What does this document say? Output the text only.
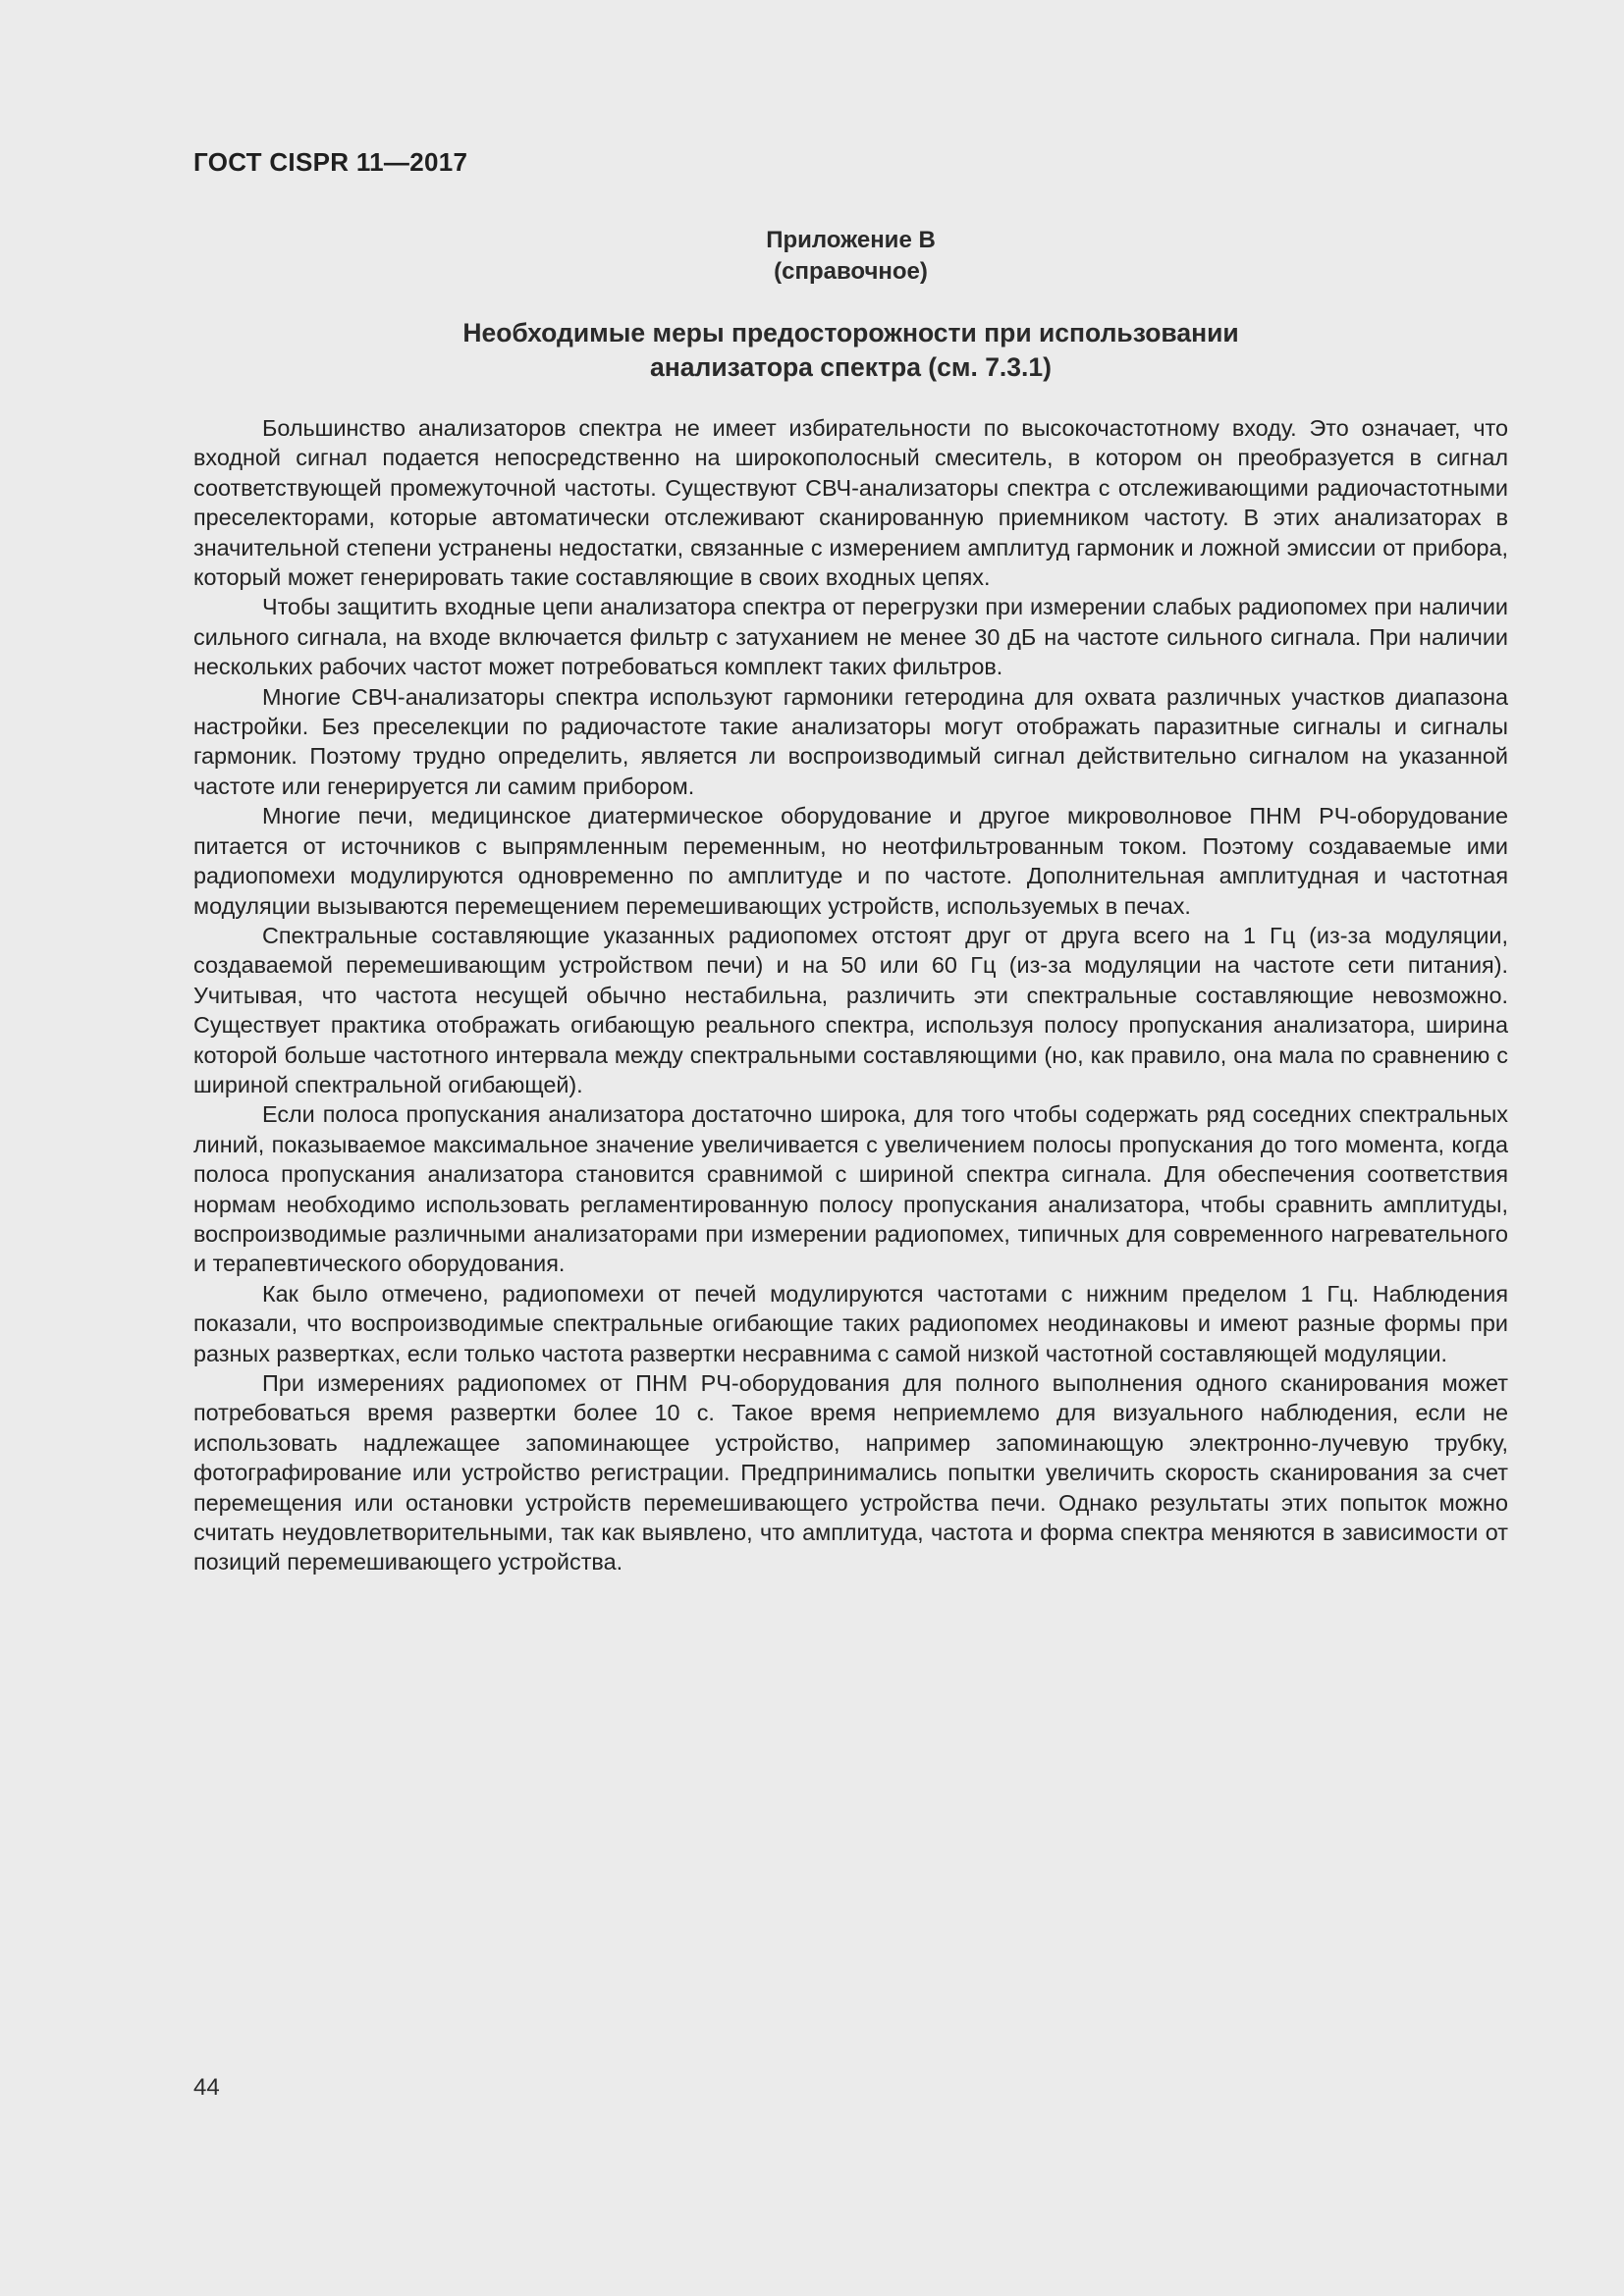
ГОСТ CISPR 11—2017
Приложение В
(справочное)
Необходимые меры предосторожности при использовании
анализатора спектра (см. 7.3.1)

Большинство анализаторов спектра не имеет избирательности по высокочастотному входу. Это означает, что входной сигнал подается непосредственно на широкополосный смеситель, в котором он преобразуется в сигнал соответствующей промежуточной частоты. Существуют СВЧ-анализаторы спектра с отслеживающими радиочастотными преселекторами, которые автоматически отслеживают сканированную приемником частоту. В этих анализаторах в значительной степени устранены недостатки, связанные с измерением амплитуд гармоник и ложной эмиссии от прибора, который может генерировать такие составляющие в своих входных цепях.

Чтобы защитить входные цепи анализатора спектра от перегрузки при измерении слабых радиопомех при наличии сильного сигнала, на входе включается фильтр с затуханием не менее 30 дБ на частоте сильного сигнала. При наличии нескольких рабочих частот может потребоваться комплект таких фильтров.

Многие СВЧ-анализаторы спектра используют гармоники гетеродина для охвата различных участков диапазона настройки. Без преселекции по радиочастоте такие анализаторы могут отображать паразитные сигналы и сигналы гармоник. Поэтому трудно определить, является ли воспроизводимый сигнал действительно сигналом на указанной частоте или генерируется ли самим прибором.

Многие печи, медицинское диатермическое оборудование и другое микроволновое ПНМ РЧ-оборудование питается от источников с выпрямленным переменным, но неотфильтрованным током. Поэтому создаваемые ими радиопомехи модулируются одновременно по амплитуде и по частоте. Дополнительная амплитудная и частотная модуляции вызываются перемещением перемешивающих устройств, используемых в печах.

Спектральные составляющие указанных радиопомех отстоят друг от друга всего на 1 Гц (из-за модуляции, создаваемой перемешивающим устройством печи) и на 50 или 60 Гц (из-за модуляции на частоте сети питания). Учитывая, что частота несущей обычно нестабильна, различить эти спектральные составляющие невозможно. Существует практика отображать огибающую реального спектра, используя полосу пропускания анализатора, ширина которой больше частотного интервала между спектральными составляющими (но, как правило, она мала по сравнению с шириной спектральной огибающей).

Если полоса пропускания анализатора достаточно широка, для того чтобы содержать ряд соседних спектральных линий, показываемое максимальное значение увеличивается с увеличением полосы пропускания до того момента, когда полоса пропускания анализатора становится сравнимой с шириной спектра сигнала. Для обеспечения соответствия нормам необходимо использовать регламентированную полосу пропускания анализатора, чтобы сравнить амплитуды, воспроизводимые различными анализаторами при измерении радиопомех, типичных для современного нагревательного и терапевтического оборудования.

Как было отмечено, радиопомехи от печей модулируются частотами с нижним пределом 1 Гц. Наблюдения показали, что воспроизводимые спектральные огибающие таких радиопомех неодинаковы и имеют разные формы при разных развертках, если только частота развертки несравнима с самой низкой частотной составляющей модуляции.

При измерениях радиопомех от ПНМ РЧ-оборудования для полного выполнения одного сканирования может потребоваться время развертки более 10 с. Такое время неприемлемо для визуального наблюдения, если не использовать надлежащее запоминающее устройство, например запоминающую электронно-лучевую трубку, фотографирование или устройство регистрации. Предпринимались попытки увеличить скорость сканирования за счет перемещения или остановки устройств перемешивающего устройства печи. Однако результаты этих попыток можно считать неудовлетворительными, так как выявлено, что амплитуда, частота и форма спектра меняются в зависимости от позиций перемешивающего устройства.

44
